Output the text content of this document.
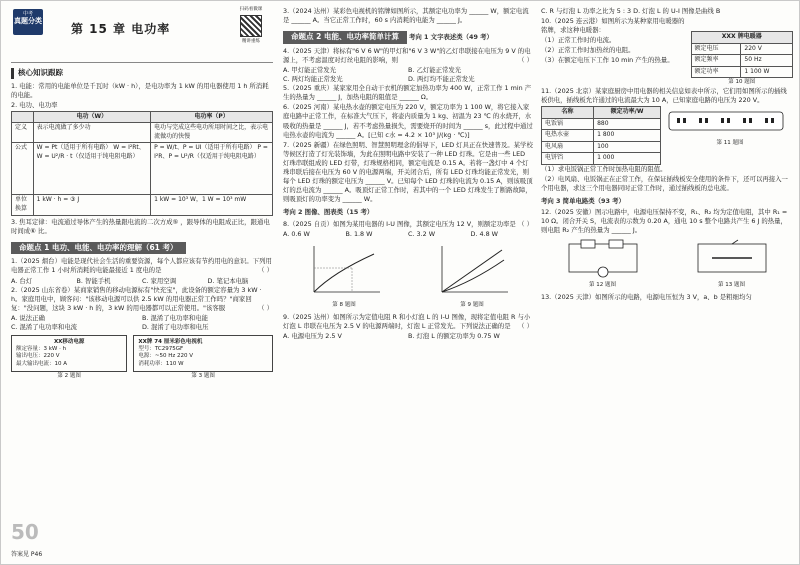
中考
真题分类
第 15 章 电功率
扫码看微课
精讲重练
核心知识跟踪

1. 电能：常用的电能单位是千瓦时（kW · h），是电功率为 1 kW 的用电器使用 1 h 所消耗的电能。

2. 电功、电功率

	电功（W）	电功率（P）
定义	表示电流做了多少功	电功与完成这些电功所用时间之比，表示电流做功的快慢
公式	W = Pt（适用于所有电路） W = I²Rt、W = U²/R · t（仅适用于纯电阻电路）	P = W/t、P = UI（适用于所有电路） P = I²R、P = U²/R（仅适用于纯电阻电路）
单位换算	1 kW · h = ③ J	1 kW = 10³ W，1 W = 10³ mW

3. 焦耳定律：电流通过导体产生的热量跟电流的二次方成⑤ ，跟导体的电阻成正比，跟通电时间成⑥ 比。

命题点 1 电功、电能、电功率的理解（61 考）

1.（2025 烟台）电能是现代社会生活的重要资源，每个人都应该有节约用电的意识。下列用电器正常工作 1 小时所消耗的电能最接近 1 度电的是	（ ）

A. 台灯	B. 智能手机	C. 家用空调	D. 笔记本电脑

2.（2025 山东省卷）某商家销售的移动电源标有"快充宝"，此设备的额定容量为 3 kW · h。家庭用电中，顾客问："该移动电源可以供 2.5 kW 的用电器正常工作吗？"商家回复："没问题，这块 3 kW · h 的，3 kW 的用电器都可以正常使用。"该客服	（ ）

A. 说法正确	B. 混淆了电功率和电能
C. 混淆了电功率和电流	D. 混淆了电功率和电压
XX移动电源
额定容量：3 kW · h
输出电压：220 V
最大输出电流：10 A
第 2 题图
XX牌 74 厘米彩色电视机
型号：TC2975GF
电源：~50 Hz 220 V
消耗功率：110 W
第 3 题图
50
答案见 P46

3.（2024 达州）某彩色电视机的铭牌如图所示，其额定电功率为 ______ W，额定电流是 ______ A。当它正常工作时，60 s 内消耗的电能为 ______ J。

命题点 2 电能、电功率简单计算 考向 1 文字表述类（49 考）

4.（2025 天津）将标有"6 V 6 W"的甲灯和"6 V 3 W"的乙灯串联接在电压为 9 V 的电源上，不考虑温度对灯丝电阻的影响，则	（ ）

A. 甲灯能正常发光	B. 乙灯能正常发光
C. 两灯均能正常发光	D. 两灯均不能正常发光

5.（2025 重庆）某家家用全自动干衣机的额定加热功率为 400 W，正常工作 1 min 产生的热量为 ______ J，加热电阻的阻值是 ______ Ω。

6.（2025 河南）某电热水壶的额定电压为 220 V，额定功率为 1 100 W，将它接入家庭电路中正常工作，在标准大气压下，将壶内质量为 1 kg、初温为 23 ℃ 的水烧开，水吸收的热量是 ______ J，若不考虑热量损失，需要烧开的时间为 ______ s，此过程中通过电热水壶的电流为 ______ A。[已知 c水 = 4.2 × 10³ J/(kg · ℃)]

7.（2025 新疆）在绿色照明、智慧照明理念的倡导下，LED 灯具正在快速普及。某学校等候区打造了灯光装饰墙，为此在照明电路中安装了一种 LED 灯珠。它是由一些 LED 灯珠串联组成的 LED 灯带，灯珠规格相同，额定电流是 0.15 A。若将一盏灯中 4 个灯珠串联后接在电压为 60 V 的电源两端，开关闭合后，所有 LED 灯珠均能正常发光，则每个 LED 灯珠的额定电压为 ______ V。已知每个 LED 灯珠的电流为 0.15 A，则该吸顶灯的总电流为 ______ A。吸顶灯正常工作时，若其中的一个 LED 灯珠发生了断路故障，则吸顶灯的功率变为 ______ W。

考向 2 图像、图表类（15 考）

8.（2025 自贡）如图为某用电器的 I-U 图像，其额定电压为 12 V，则额定功率是 （ ）

A. 0.6 W	B. 1.8 W	C. 3.2 W	D. 4.8 W
第 8 题图	第 9 题图

9.（2025 达州）如图所示为定值电阻 R 和小灯泡 L 的 I-U 图像，现将定值电阻 R 与小灯泡 L 串联在电压为 2.5 V 的电源两端时，灯泡 L 正常发光。下列说法正确的是 （ ）

A. 电源电压为 2.5 V	B. 灯泡 L 的额定功率为 0.75 W

C. R 与灯泡 L 功率之比为 5 : 3 D. 灯泡 L 的 U-I 图像是曲线 B

10.（2025 连云港）如图所示为某种家用电暖器的铭牌，求这种电暖器：

（1）正常工作时的电流。

（2）正常工作时加热丝的电阻。

（3）在额定电压下工作 10 min 产生的热量。

XXX 牌电暖器	
额定电压	220 V
额定频率	50 Hz
额定功率	1 100 W
第 10 题图

11.（2025 北京）某家庭厨房中用电器的相关信息如表中所示，它们用如图所示的插线板供电，插线板允许通过的电流最大为 10 A，已知家庭电路的电压为 220 V。

名称	额定功率/W
电饭锅	880
电热水壶	1 800
电风扇	100
电饼铛	1 000
第 11 题图

（1）求电饭锅正常工作时加热电阻的阻值。

（2）电风扇、电饭锅正在正常工作，在保证插线板安全使用的条件下，还可以再接入一个用电器，求这三个用电器同时正常工作时，通过插线板的总电流。

考向 3 简单电路类（93 考）

12.（2025 安徽）图示电路中，电源电压保持不变，R₁、R₂ 均为定值电阻，其中 R₁ = 10 Ω。闭合开关 S，电流表的示数为 0.20 A，通电 10 s 整个电路共产生 6 J 的热量，则电阻 R₂ 产生的热量为 ______ J。

第 12 题图	第 13 题图

13.（2025 天津）如图所示的电路，电源电压恒为 3 V，a、b 是粗细均匀
